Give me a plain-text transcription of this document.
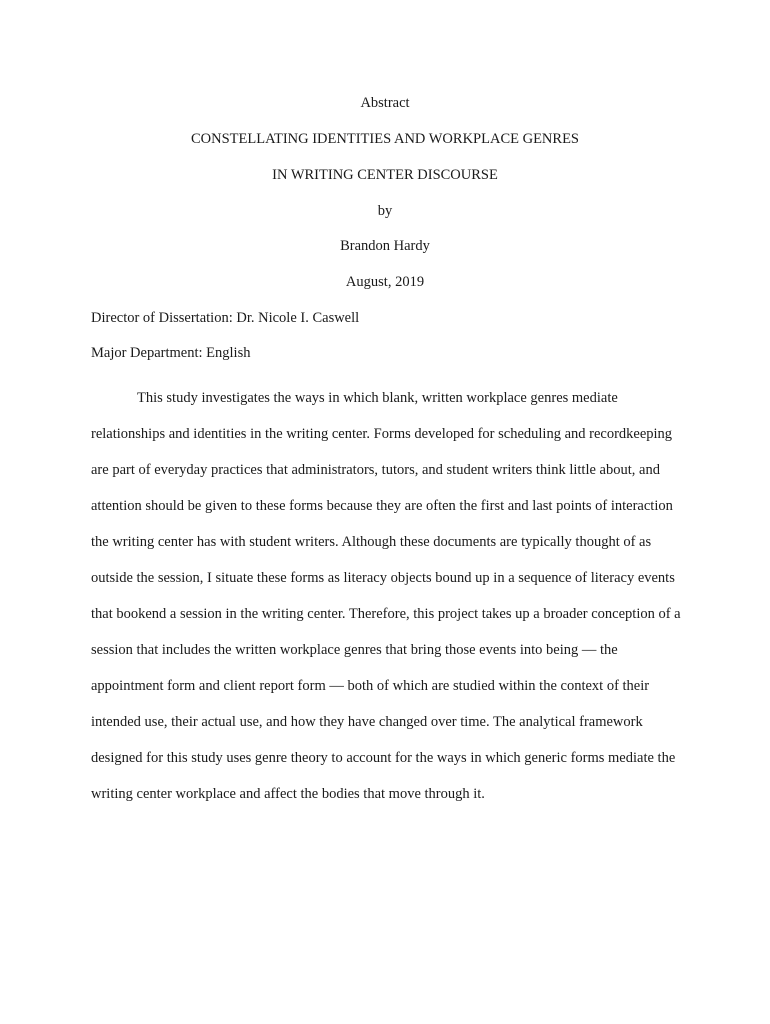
Abstract
CONSTELLATING IDENTITIES AND WORKPLACE GENRES
IN WRITING CENTER DISCOURSE
by
Brandon Hardy
August, 2019
Director of Dissertation: Dr. Nicole I. Caswell
Major Department: English

This study investigates the ways in which blank, written workplace genres mediate relationships and identities in the writing center. Forms developed for scheduling and recordkeeping are part of everyday practices that administrators, tutors, and student writers think little about, and attention should be given to these forms because they are often the first and last points of interaction the writing center has with student writers. Although these documents are typically thought of as outside the session, I situate these forms as literacy objects bound up in a sequence of literacy events that bookend a session in the writing center. Therefore, this project takes up a broader conception of a session that includes the written workplace genres that bring those events into being — the appointment form and client report form — both of which are studied within the context of their intended use, their actual use, and how they have changed over time. The analytical framework designed for this study uses genre theory to account for the ways in which generic forms mediate the writing center workplace and affect the bodies that move through it.
